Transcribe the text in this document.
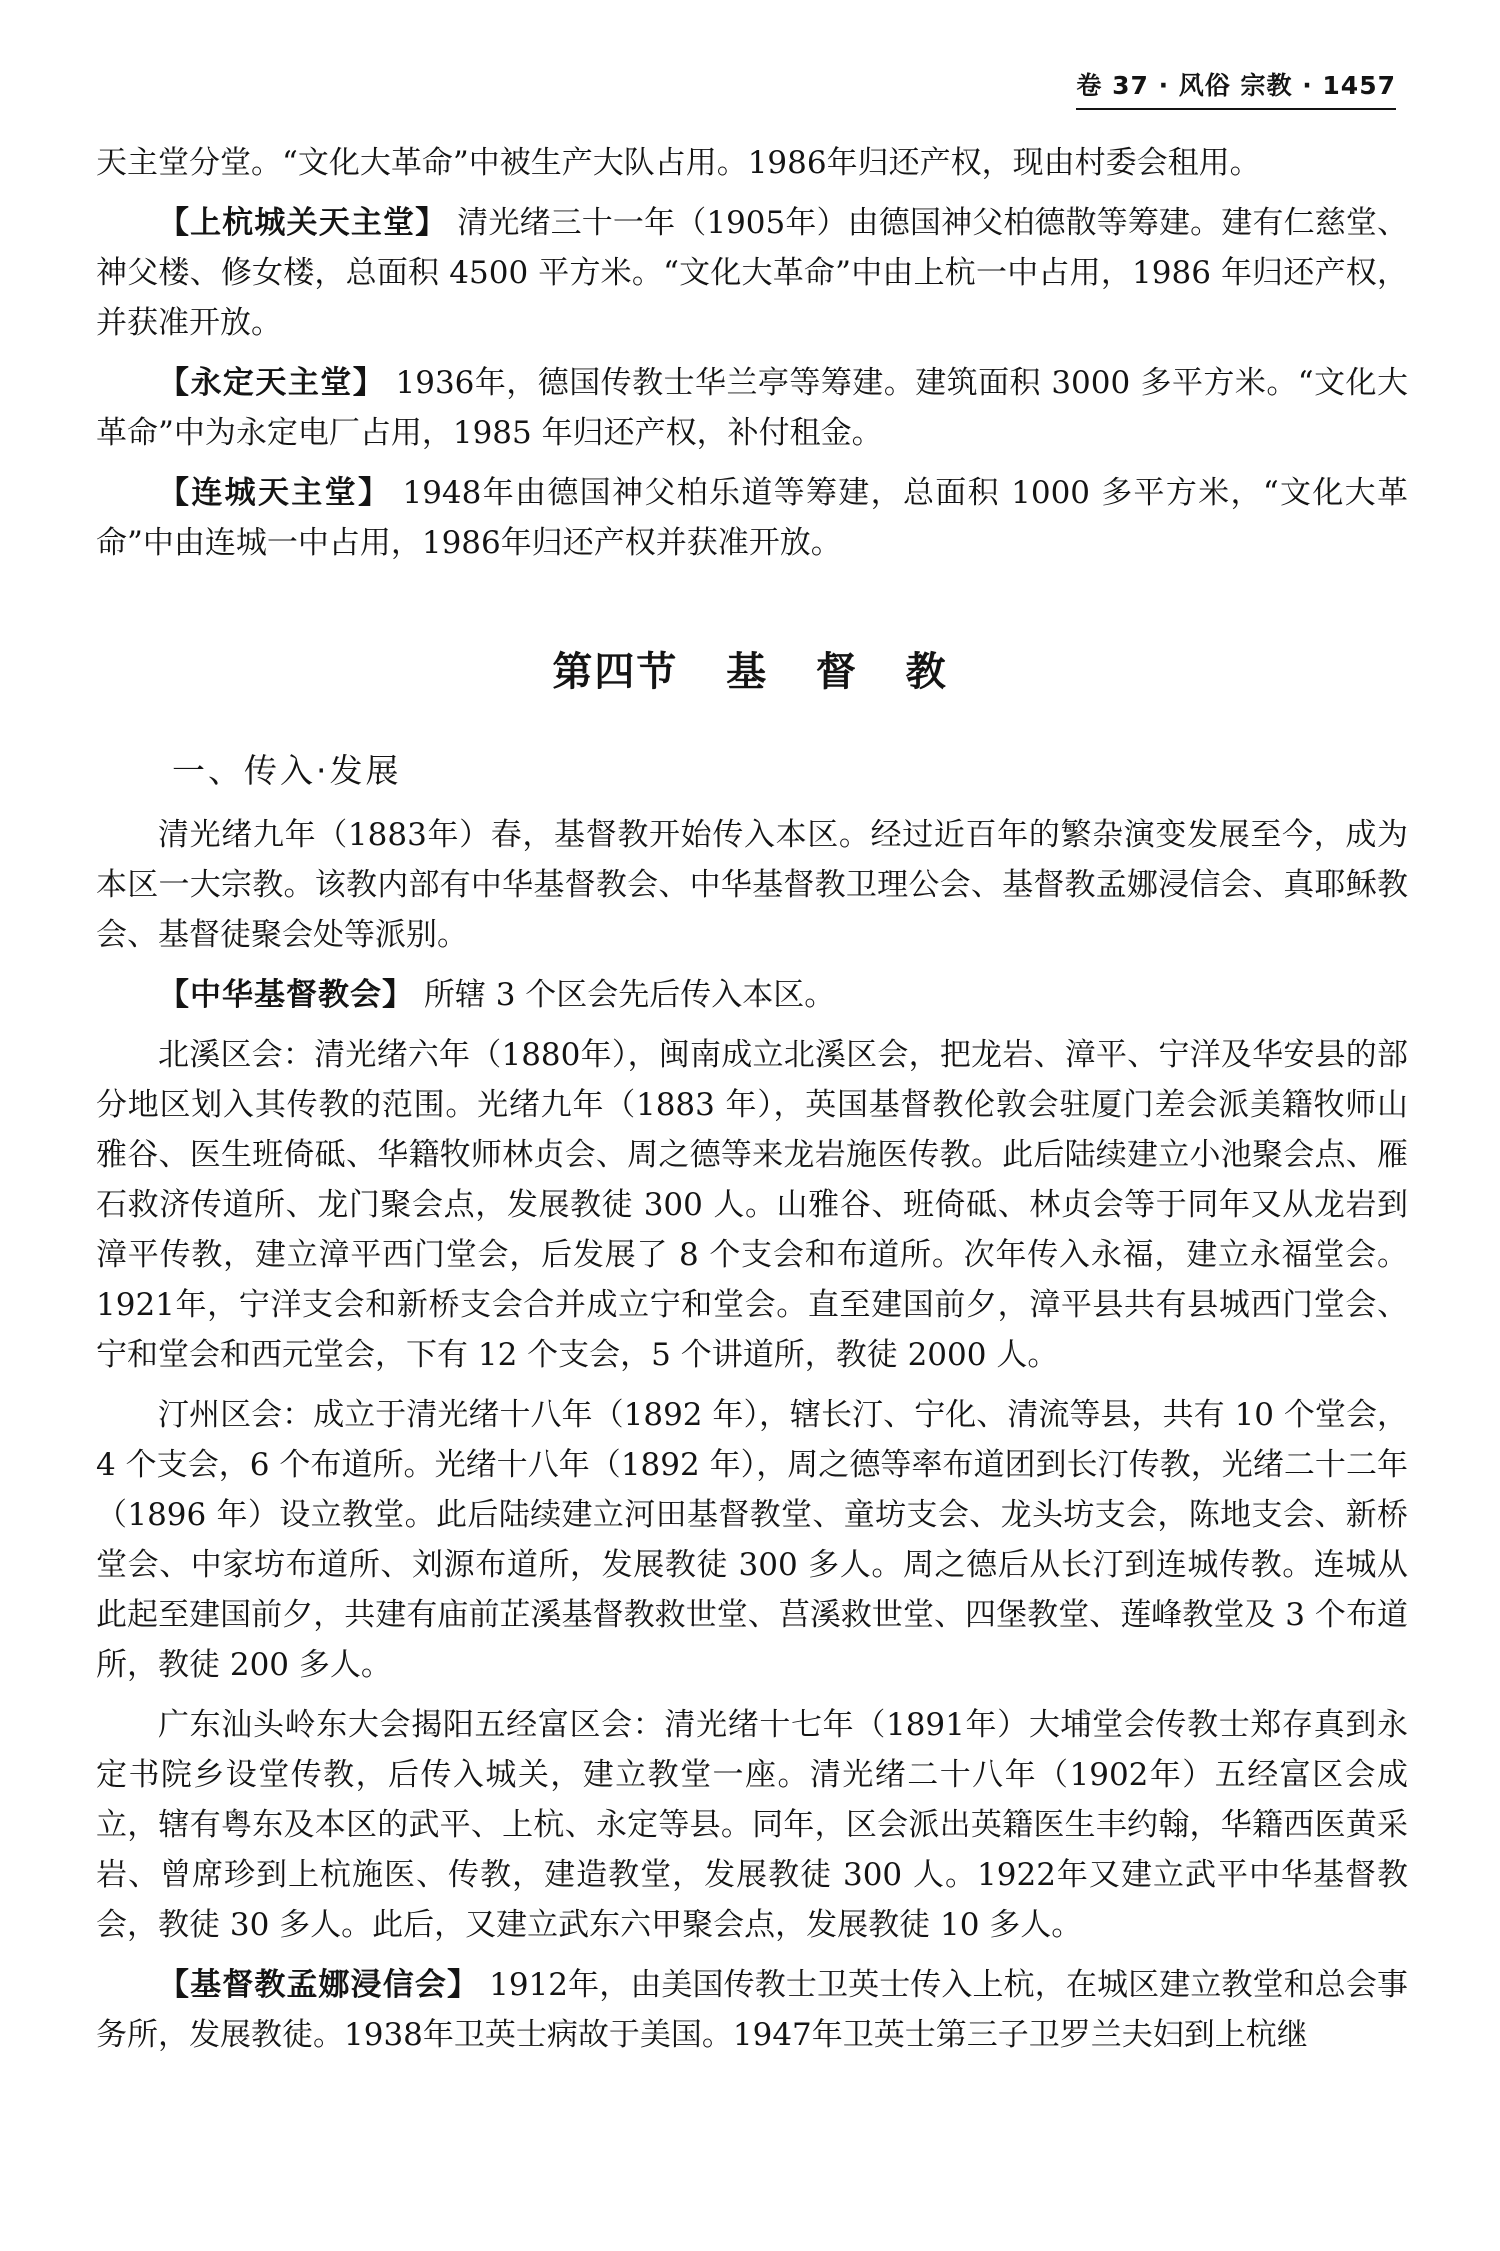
卷 37 · 风俗 宗教 · 1457

天主堂分堂。“文化大革命”中被生产大队占用。1986年归还产权，现由村委会租用。

【上杭城关天主堂】 清光绪三十一年（1905年）由德国神父柏德散等筹建。建有仁慈堂、神父楼、修女楼，总面积 4500 平方米。“文化大革命”中由上杭一中占用，1986 年归还产权，并获准开放。

【永定天主堂】 1936年，德国传教士华兰亭等筹建。建筑面积 3000 多平方米。“文化大革命”中为永定电厂占用，1985 年归还产权，补付租金。

【连城天主堂】 1948年由德国神父柏乐道等筹建，总面积 1000 多平方米，“文化大革命”中由连城一中占用，1986年归还产权并获准开放。

第四节   基   督   教
一、传入·发展

清光绪九年（1883年）春，基督教开始传入本区。经过近百年的繁杂演变发展至今，成为本区一大宗教。该教内部有中华基督教会、中华基督教卫理公会、基督教孟娜浸信会、真耶稣教会、基督徒聚会处等派别。

【中华基督教会】 所辖 3 个区会先后传入本区。

北溪区会：清光绪六年（1880年），闽南成立北溪区会，把龙岩、漳平、宁洋及华安县的部分地区划入其传教的范围。光绪九年（1883 年），英国基督教伦敦会驻厦门差会派美籍牧师山雅谷、医生班倚砥、华籍牧师林贞会、周之德等来龙岩施医传教。此后陆续建立小池聚会点、雁石救济传道所、龙门聚会点，发展教徒 300 人。山雅谷、班倚砥、林贞会等于同年又从龙岩到漳平传教，建立漳平西门堂会，后发展了 8 个支会和布道所。次年传入永福，建立永福堂会。1921年，宁洋支会和新桥支会合并成立宁和堂会。直至建国前夕，漳平县共有县城西门堂会、宁和堂会和西元堂会，下有 12 个支会，5 个讲道所，教徒 2000 人。

汀州区会：成立于清光绪十八年（1892 年），辖长汀、宁化、清流等县，共有 10 个堂会，4 个支会，6 个布道所。光绪十八年（1892 年），周之德等率布道团到长汀传教，光绪二十二年（1896 年）设立教堂。此后陆续建立河田基督教堂、童坊支会、龙头坊支会，陈地支会、新桥堂会、中家坊布道所、刘源布道所，发展教徒 300 多人。周之德后从长汀到连城传教。连城从此起至建国前夕，共建有庙前芷溪基督教救世堂、莒溪救世堂、四堡教堂、莲峰教堂及 3 个布道所，教徒 200 多人。

广东汕头岭东大会揭阳五经富区会：清光绪十七年（1891年）大埔堂会传教士郑存真到永定书院乡设堂传教，后传入城关，建立教堂一座。清光绪二十八年（1902年）五经富区会成立，辖有粤东及本区的武平、上杭、永定等县。同年，区会派出英籍医生丰约翰，华籍西医黄采岩、曾席珍到上杭施医、传教，建造教堂，发展教徒 300 人。1922年又建立武平中华基督教会，教徒 30 多人。此后，又建立武东六甲聚会点，发展教徒 10 多人。

【基督教孟娜浸信会】 1912年，由美国传教士卫英士传入上杭，在城区建立教堂和总会事务所，发展教徒。1938年卫英士病故于美国。1947年卫英士第三子卫罗兰夫妇到上杭继
